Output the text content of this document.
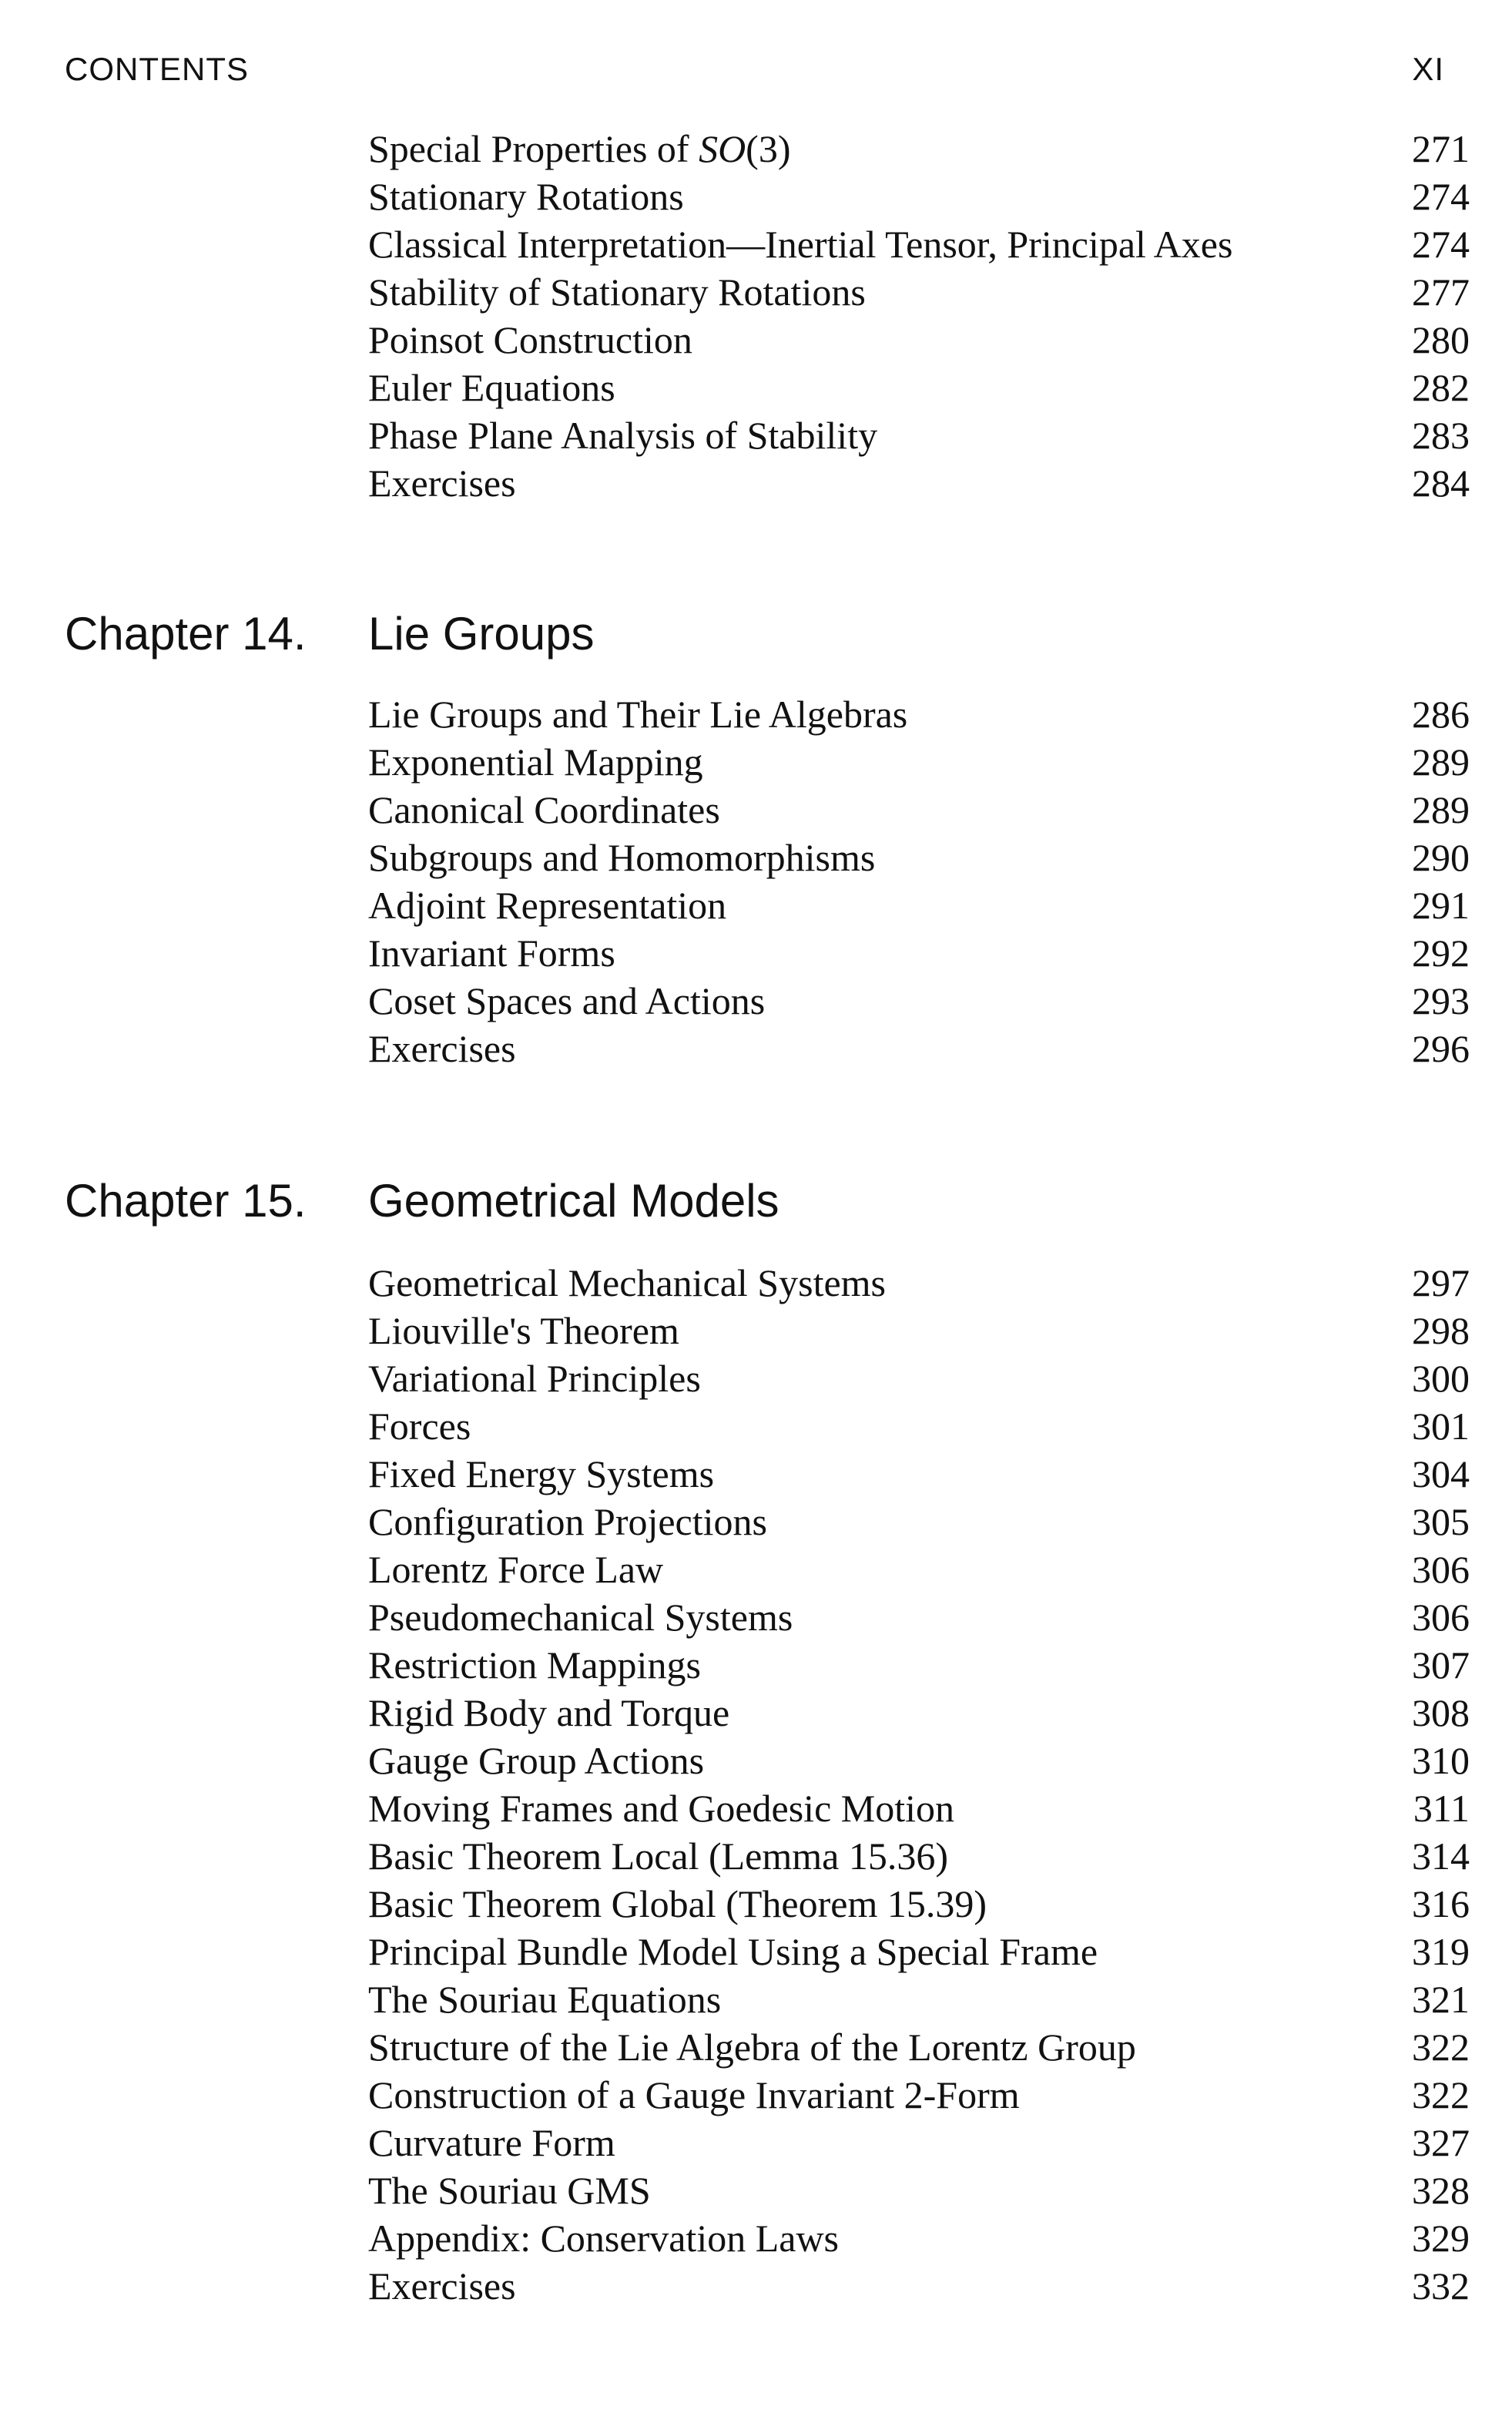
CONTENTS	XI
Special Properties of SO(3)	271
Stationary Rotations	274
Classical Interpretation—Inertial Tensor, Principal Axes	274
Stability of Stationary Rotations	277
Poinsot Construction	280
Euler Equations	282
Phase Plane Analysis of Stability	283
Exercises	284
Chapter 14. Lie Groups
Lie Groups and Their Lie Algebras	286
Exponential Mapping	289
Canonical Coordinates	289
Subgroups and Homomorphisms	290
Adjoint Representation	291
Invariant Forms	292
Coset Spaces and Actions	293
Exercises	296
Chapter 15. Geometrical Models
Geometrical Mechanical Systems	297
Liouville's Theorem	298
Variational Principles	300
Forces	301
Fixed Energy Systems	304
Configuration Projections	305
Lorentz Force Law	306
Pseudomechanical Systems	306
Restriction Mappings	307
Rigid Body and Torque	308
Gauge Group Actions	310
Moving Frames and Goedesic Motion	311
Basic Theorem Local (Lemma 15.36)	314
Basic Theorem Global (Theorem 15.39)	316
Principal Bundle Model Using a Special Frame	319
The Souriau Equations	321
Structure of the Lie Algebra of the Lorentz Group	322
Construction of a Gauge Invariant 2-Form	322
Curvature Form	327
The Souriau GMS	328
Appendix: Conservation Laws	329
Exercises	332
